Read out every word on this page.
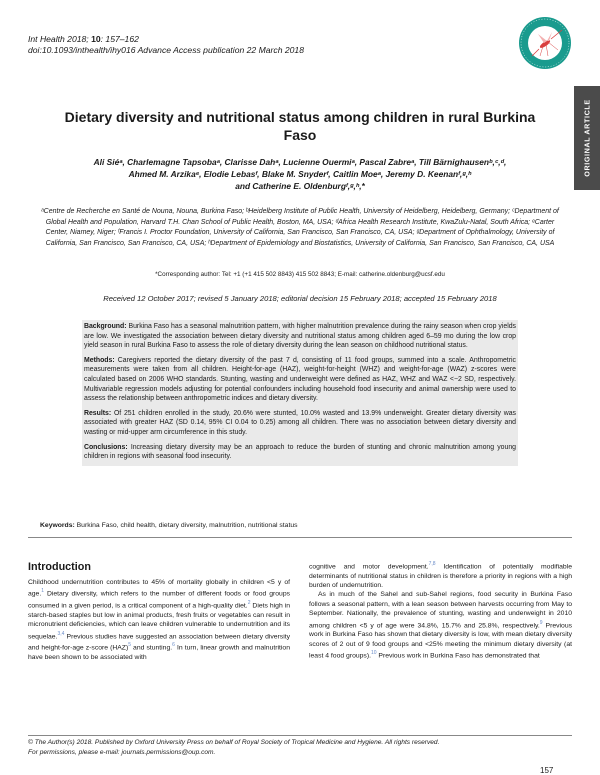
Int Health 2018; 10: 157–162
doi:10.1093/inthealth/ihy016 Advance Access publication 22 March 2018
ORIGINAL ARTICLE
Dietary diversity and nutritional status among children in rural Burkina Faso
Ali Siéᵃ, Charlemagne Tapsobaᵃ, Clarisse Dahᵃ, Lucienne Ouermiᵃ, Pascal Zabreᵃ, Till Bärnighausenᵇ,ᶜ,ᵈ,
Ahmed M. Arzikaᵉ, Elodie Lebasᶠ, Blake M. Snyderᶠ, Caitlin Moeᵃ, Jeremy D. Keenanᶠ,ᵍ,ʰ
and Catherine E. Oldenburgᶠ,ᵍ,ʰ,*
ᵃCentre de Recherche en Santé de Nouna, Nouna, Burkina Faso; ᵇHeidelberg Institute of Public Health, University of Heidelberg, Heidelberg, Germany; ᶜDepartment of Global Health and Population, Harvard T.H. Chan School of Public Health, Boston, MA, USA; ᵈAfrica Health Research Institute, KwaZulu-Natal, South Africa; ᵉCarter Center, Niamey, Niger; ᶠFrancis I. Proctor Foundation, University of California, San Francisco, San Francisco, CA, USA; ᵍDepartment of Ophthalmology, University of California, San Francisco, San Francisco, CA, USA; ʰDepartment of Epidemiology and Biostatistics, University of California, San Francisco, San Francisco, CA, USA
*Corresponding author: Tel: +1 (+1 415 502 8843) 415 502 8843; E-mail: catherine.oldenburg@ucsf.edu
Received 12 October 2017; revised 5 January 2018; editorial decision 15 February 2018; accepted 15 February 2018

Background: Burkina Faso has a seasonal malnutrition pattern, with higher malnutrition prevalence during the rainy season when crop yields are low. We investigated the association between dietary diversity and nutritional status among children aged 6–59 mo during the low crop yield season in rural Burkina Faso to assess the role of dietary diversity during the lean season on childhood nutritional status.

Methods: Caregivers reported the dietary diversity of the past 7 d, consisting of 11 food groups, summed into a scale. Anthropometric measurements were taken from all children. Height-for-age (HAZ), weight-for-height (WHZ) and weight-for-age (WAZ) z-scores were calculated based on 2006 WHO standards. Stunting, wasting and underweight were defined as HAZ, WHZ and WAZ <−2 SD, respectively. Multivariable regression models adjusting for potential confounders including household food insecurity and animal ownership were used to assess the relationship between anthropometric indices and dietary diversity.

Results: Of 251 children enrolled in the study, 20.6% were stunted, 10.0% wasted and 13.9% underweight. Greater dietary diversity was associated with greater HAZ (SD 0.14, 95% CI 0.04 to 0.25) among all children. There was no association between dietary diversity and wasting or mid-upper arm circumference in this study.

Conclusions: Increasing dietary diversity may be an approach to reduce the burden of stunting and chronic malnutrition among young children in regions with seasonal food insecurity.

Keywords: Burkina Faso, child health, dietary diversity, malnutrition, nutritional status
Introduction

Childhood undernutrition contributes to 45% of mortality globally in children <5 y of age.$^1$ Dietary diversity, which refers to the number of different foods or food groups consumed in a given period, is a critical component of a high-quality diet.$^2$ Diets high in starch-based staples but low in animal products, fresh fruits or vegetables can result in micronutrient deficiencies, which can leave children vulnerable to undernutrition and its sequelae.$^{3,4}$ Previous studies have suggested an association between dietary diversity and height-for-age z-score (HAZ)$^5$ and stunting.$^6$ In turn, linear growth and malnutrition have been shown to be associated with

cognitive and motor development.$^{7,8}$ Identification of potentially modifiable determinants of nutritional status in children is therefore a priority in regions with a high burden of undernutrition.

As in much of the Sahel and sub-Sahel regions, food security in Burkina Faso follows a seasonal pattern, with a lean season between harvests occurring from May to September. Nationally, the prevalence of stunting, wasting and underweight in 2010 among children <5 y of age were 34.8%, 15.7% and 25.8%, respectively.$^9$ Previous work in Burkina Faso has shown that dietary diversity is low, with mean dietary diversity scores of 2 out of 9 food groups and <25% meeting the minimum dietary diversity (at least 4 food groups).$^{10}$ Previous work in Burkina Faso has demonstrated that

© The Author(s) 2018. Published by Oxford University Press on behalf of Royal Society of Tropical Medicine and Hygiene. All rights reserved.
For permissions, please e-mail: journals.permissions@oup.com.
157
